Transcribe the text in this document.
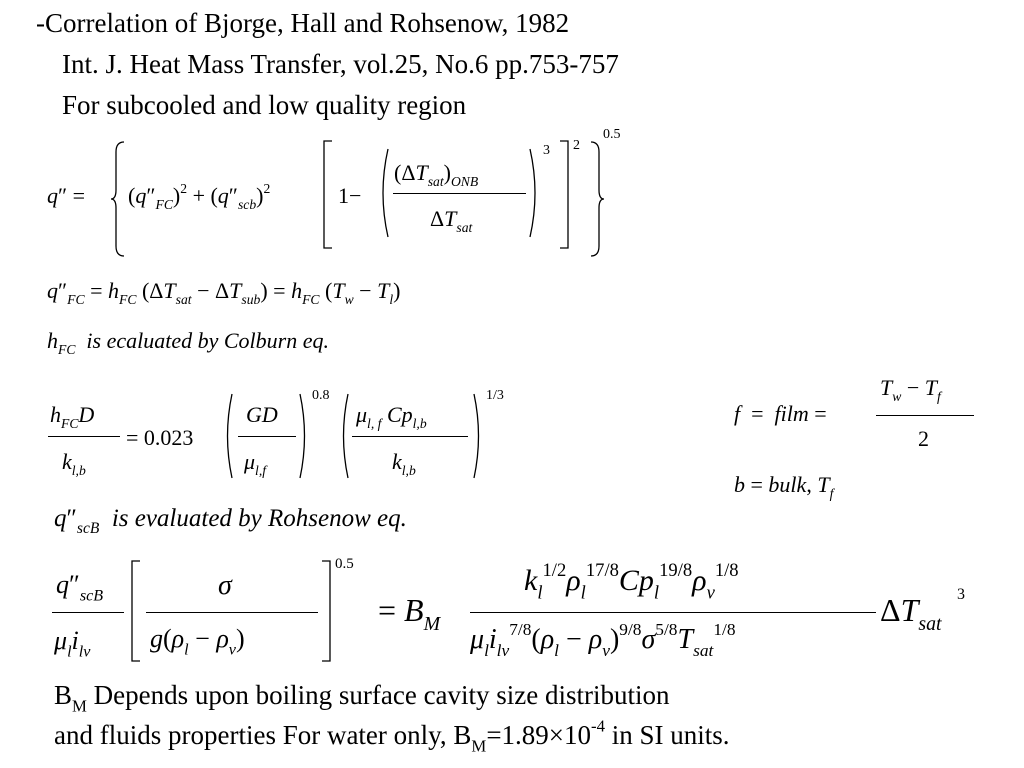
-Correlation of Bjorge, Hall and Rohsenow, 1982
Int. J. Heat Mass Transfer, vol.25, No.6 pp.753-757
For subcooled and low quality region
$q'' = (q''_{FC})^2 + (q''_{scb})^2$	1−
$(\Delta T_{sat})_{ONB}$
$\Delta T_{sat}$
3 2
0.5
$q''_{FC} = h_{FC}$ $(\Delta T_{sat} - \Delta T_{sub}) = h_{FC}$ $(T_w - T_l)$
$h_{FC}$ is ecaluated by Colburn eq.
$h_{FC}D$
$k_{l,b}$
= 0.023
GD
$\mu_{l,f}$
0.8
$\mu_{l, f}$ $Cp_{l,b}$
$k_{l,b}$
1/3
f  =  film =
$T_w - T_f$
2
b = bulk, $T_f$
$q''_{scB}$ is evaluated by Rohsenow eq.
$q''_{scB}$
$\mu_li_{lv}$
σ
$g(\rho_l - \rho_v)$
0.5
= $B_M$
$k_l^{1/2}\rho_l^{17/8}Cp_l^{19/8}\rho_v^{1/8}$
$\mu_li_{lv}^{7/8}(\rho_l - \rho_v)^{9/8}\sigma^{5/8}T_{sat}^{1/8}$
$\Delta T_{sat}$
3
$B_M$ Depends upon boiling surface cavity size distribution
and fluids properties For water only, $B_M=1.89\times 10^{-4}$ in SI units.
